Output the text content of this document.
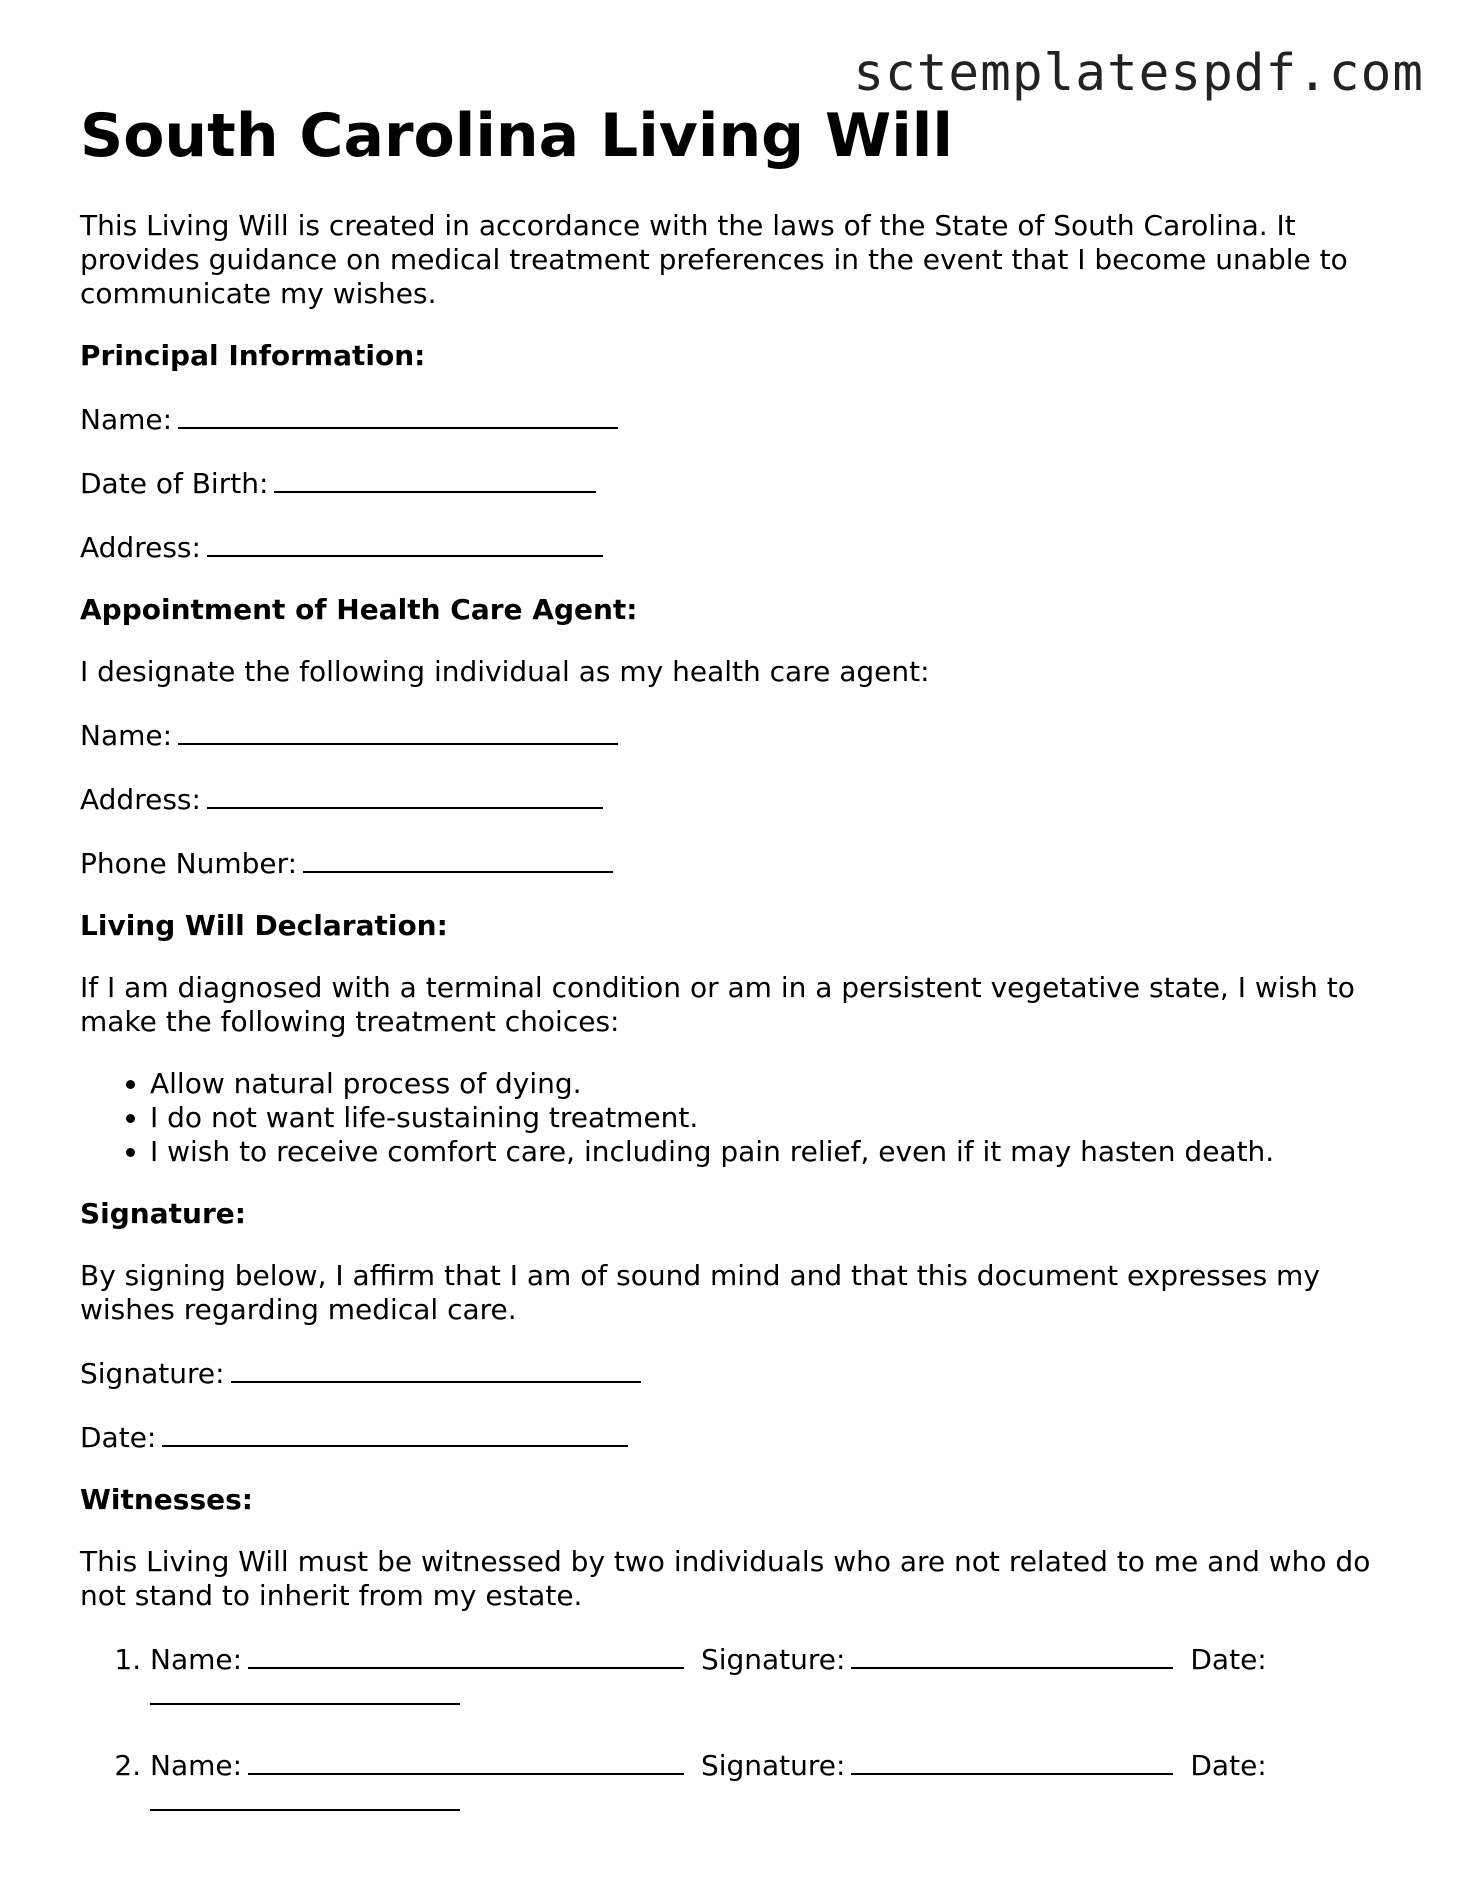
sctemplatespdf.com
South Carolina Living Will

This Living Will is created in accordance with the laws of the State of South Carolina. It provides guidance on medical treatment preferences in the event that I become unable to communicate my wishes.

Principal Information:
Name:
Date of Birth:
Address:
Appointment of Health Care Agent:

I designate the following individual as my health care agent:

Name:
Address:
Phone Number:
Living Will Declaration:

If I am diagnosed with a terminal condition or am in a persistent vegetative state, I wish to make the following treatment choices:

• Allow natural process of dying.
• I do not want life-sustaining treatment.
• I wish to receive comfort care, including pain relief, even if it may hasten death.
Signature:

By signing below, I affirm that I am of sound mind and that this document expresses my wishes regarding medical care.

Signature:
Date:
Witnesses:

This Living Will must be witnessed by two individuals who are not related to me and who do not stand to inherit from my estate.

1. Name:	Signature:	Date:
2. Name:	Signature:	Date:
